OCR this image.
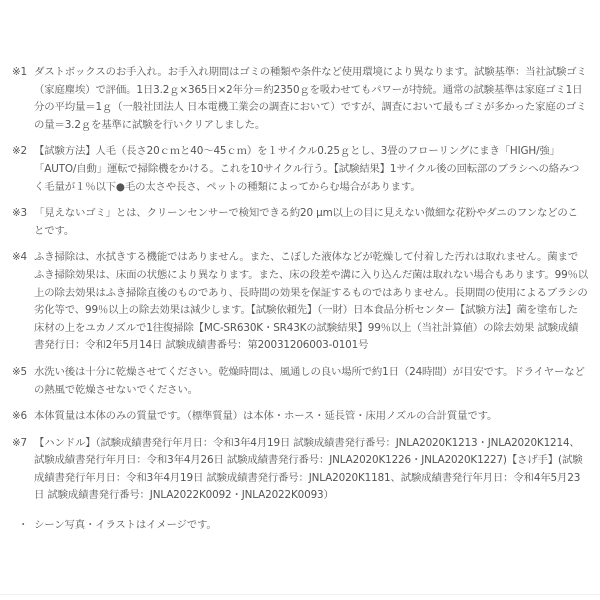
※1 ダストボックスのお手入れ。お手入れ期間はゴミの種類や条件など使用環境により異なります。試験基準：当社試験ゴミ（家庭塵埃）で評価。1日3.2ｇ×365日×2年分＝約2350ｇを吸わせてもパワーが持続。通常の試験基準は家庭ゴミ1日分の平均量＝1ｇ（一般社団法人 日本電機工業会の調査において）ですが、調査において最もゴミが多かった家庭のゴミの量＝3.2ｇを基準に試験を行いクリアしました。
※2 【試験方法】人毛（長さ20ｃｍと40〜45ｃｍ）を１サイクル0.25ｇとし、3畳のフローリングにまき「HIGH/強」「AUTO/自動」運転で掃除機をかける。これを10サイクル行う。【試験結果】1サイクル後の回転部のブラシへの絡みつく毛量が１％以下●毛の太さや長さ、ペットの種類によってからむ場合があります。
※3 「見えないゴミ」とは、クリーンセンサーで検知できる約20 μm以上の目に見えない微細な花粉やダニのフンなどのことです。
※4 ふき掃除は、水拭きする機能ではありません。また、こぼした液体などが乾燥して付着した汚れは取れません。菌までふき掃除効果は、床面の状態により異なります。また、床の段差や溝に入り込んだ菌は取れない場合もあります。99％以上の除去効果はふき掃除直後のものであり、長時間の効果を保証するものではありません。長期間の使用によるブラシの劣化等で、99％以上の除去効果は減少します。【試験依頼先】（一財）日本食品分析センター【試験方法】菌を塗布した床材の上をユカノズルで1往復掃除【MC-SR630K・SR43Kの試験結果】99％以上（当社計算値）の除去効果 試験成績書発行日：令和2年5月14日 試験成績書番号：第20031206003-0101号
※5 水洗い後は十分に乾燥させてください。乾燥時間は、風通しの良い場所で約1日（24時間）が目安です。ドライヤーなどの熱風で乾燥させないでください。
※6 本体質量は本体のみの質量です。（標準質量）は本体・ホース・延長管・床用ノズルの合計質量です。
※7 【ハンドル】（試験成績書発行年月日：令和3年4月19日 試験成績書発行番号：JNLA2020K1213・JNLA2020K1214、試験成績書発行年月日：令和3年4月26日 試験成績書発行番号：JNLA2020K1226・JNLA2020K1227)【さげ手】(試験成績書発行年月日：令和3年4月19日 試験成績書発行番号：JNLA2020K1181、試験成績書発行年月日：令和4年5月23日 試験成績書発行番号：JNLA2022K0092・JNLA2022K0093）
・ シーン写真・イラストはイメージです。
